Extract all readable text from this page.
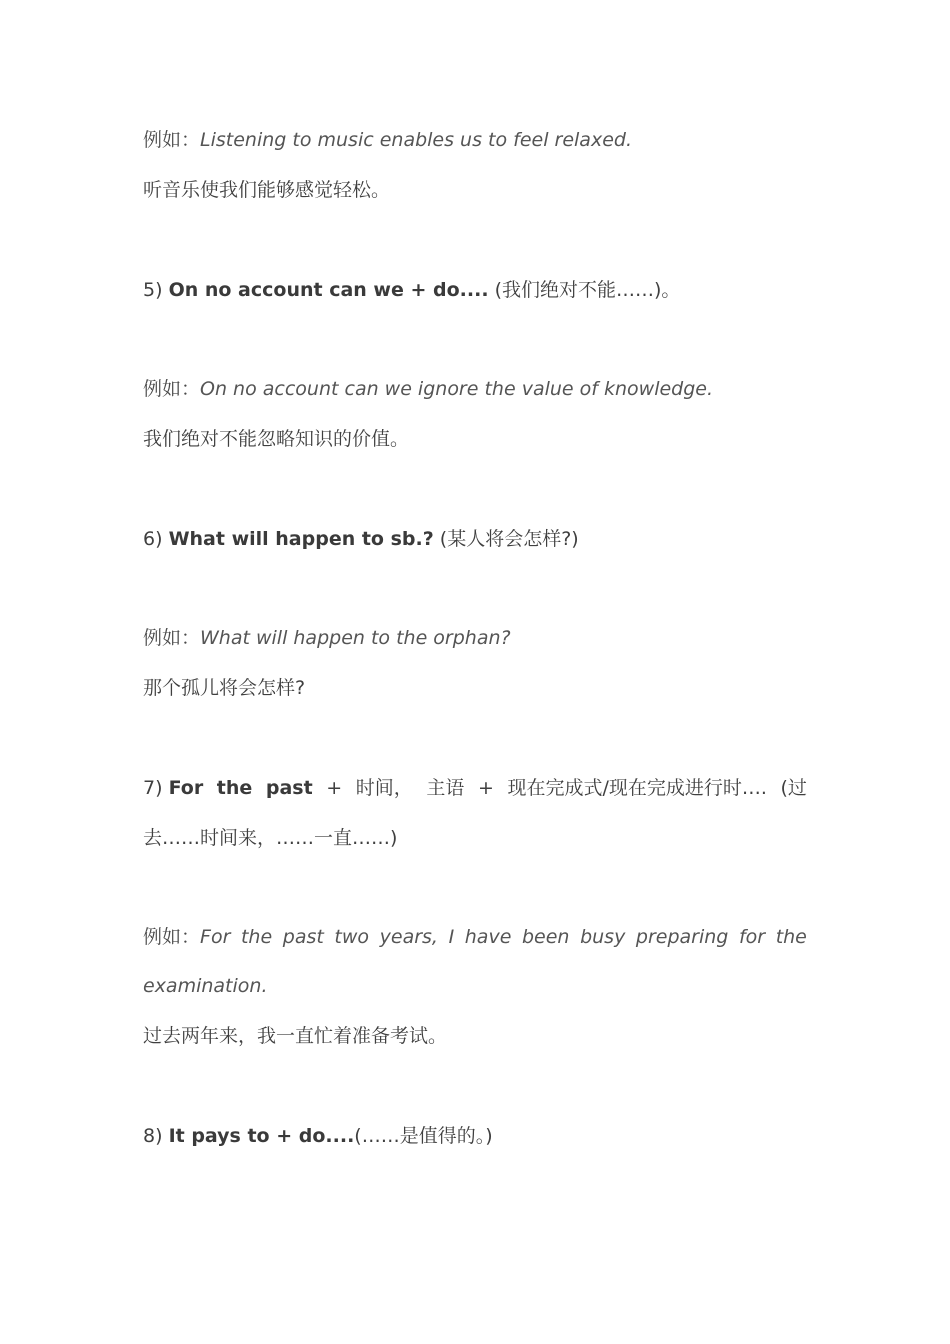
例如：Listening to music enables us to feel relaxed.
听音乐使我们能够感觉轻松。
5) On no account can we + do.... (我们绝对不能……)。
例如：On no account can we ignore the value of knowledge.
我们绝对不能忽略知识的价值。
6) What will happen to sb.? (某人将会怎样?)
例如：What will happen to the orphan?
那个孤儿将会怎样?
7) For the past + 时间， 主语 + 现在完成式/现在完成进行时…. (过
去……时间来，……一直……)
例如：For the past two years, I have been busy preparing for the
examination.
过去两年来，我一直忙着准备考试。
8) It pays to + do....(……是值得的。)
